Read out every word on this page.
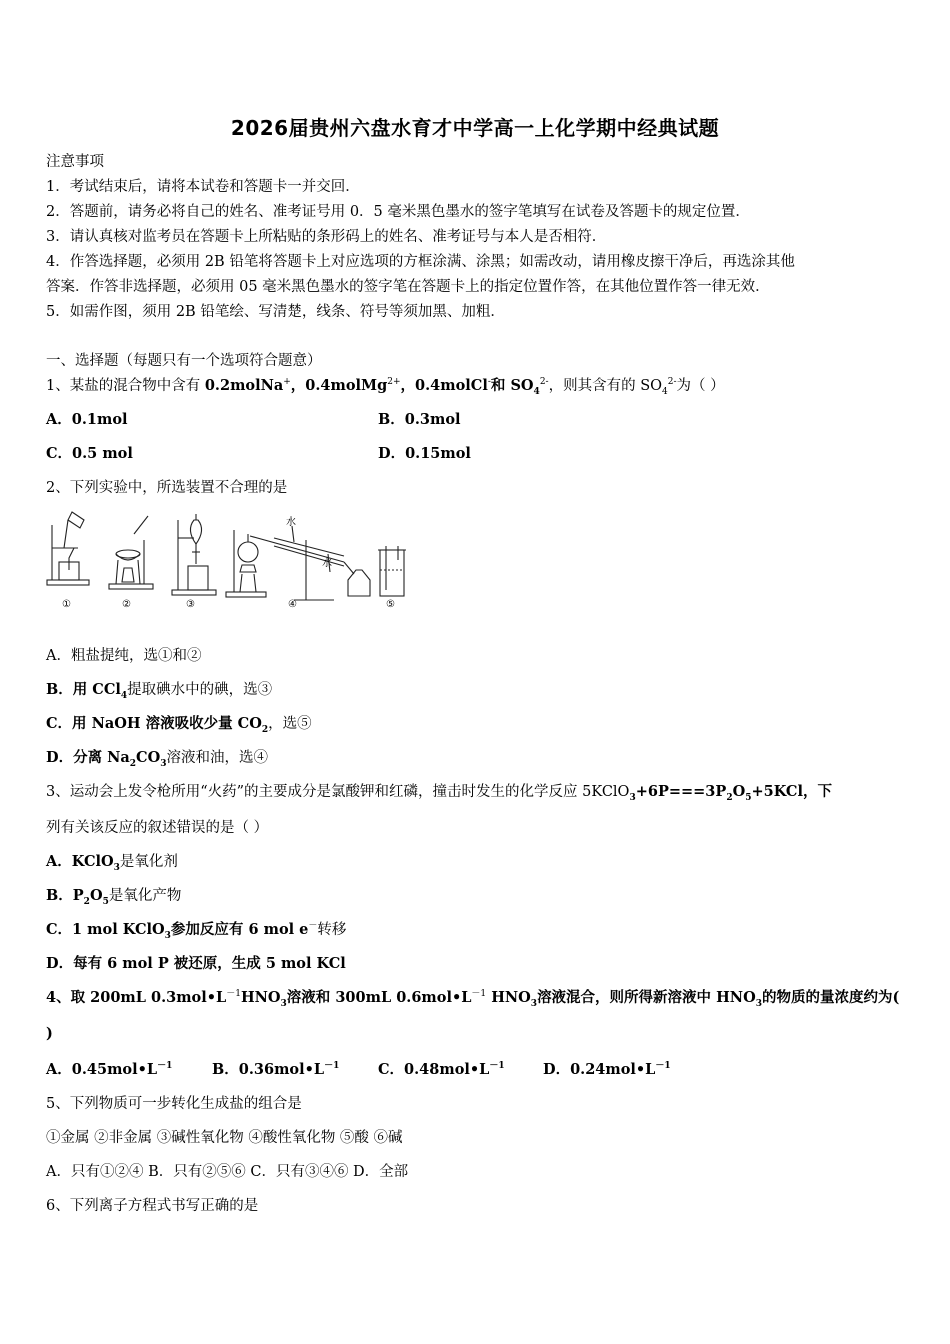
2026届贵州六盘水育才中学高一上化学期中经典试题
注意事项
1．考试结束后，请将本试卷和答题卡一并交回．
2．答题前，请务必将自己的姓名、准考证号用 0．5 毫米黑色墨水的签字笔填写在试卷及答题卡的规定位置．
3．请认真核对监考员在答题卡上所粘贴的条形码上的姓名、准考证号与本人是否相符．
4．作答选择题，必须用 2B 铅笔将答题卡上对应选项的方框涂满、涂黑；如需改动，请用橡皮擦干净后，再选涂其他
答案．作答非选择题，必须用 05 毫米黑色墨水的签字笔在答题卡上的指定位置作答，在其他位置作答一律无效．
5．如需作图，须用 2B 铅笔绘、写清楚，线条、符号等须加黑、加粗．
一、选择题（每题只有一个选项符合题意）
1、某盐的混合物中含有 0.2molNa+，0.4molMg$^{2+}$，0.4molCl-和 $SO_4^{2-}$，则其含有的 $SO_4^{2-}$为（ ）
A．0.1mol	B．0.3mol
C．0.5 mol	D．0.15mol
2、下列实验中，所选装置不合理的是
①	②	③	④	⑤
水
水
A．粗盐提纯，选①和②
B．用 CCl$_4$提取碘水中的碘，选③
C．用 NaOH 溶液吸收少量 $CO_2$，选⑤
D．分离 $Na_2CO_3$溶液和油，选④
3、运动会上发令枪所用“火药”的主要成分是氯酸钾和红磷，撞击时发生的化学反应 $5KClO_3+6P===3P_2O_5+5KCl$，下
列有关该反应的叙述错误的是（ ）
A．KClO$_3$是氧化剂
B．$P_2O_5$是氧化产物
C．1 mol KClO$_3$参加反应有 6 mol e－转移
D．每有 6 mol P 被还原，生成 5 mol KCl
4、取 200mL $0.3mol•L^{-1}HNO_3$溶液和 300mL $0.6mol•L^{-1}$ $HNO_3$溶液混合，则所得新溶液中 $HNO_3$的物质的量浓度约为(
)
A．$0.45mol•L^{-1}$	B．$0.36mol•L^{-1}$	C．$0.48mol•L^{-1}$	D．$0.24mol•L^{-1}$
5、下列物质可一步转化生成盐的组合是
①金属 ②非金属 ③碱性氧化物 ④酸性氧化物 ⑤酸 ⑥碱
A．只有①②④ B．只有②⑤⑥ C．只有③④⑥ D．全部
6、下列离子方程式书写正确的是
